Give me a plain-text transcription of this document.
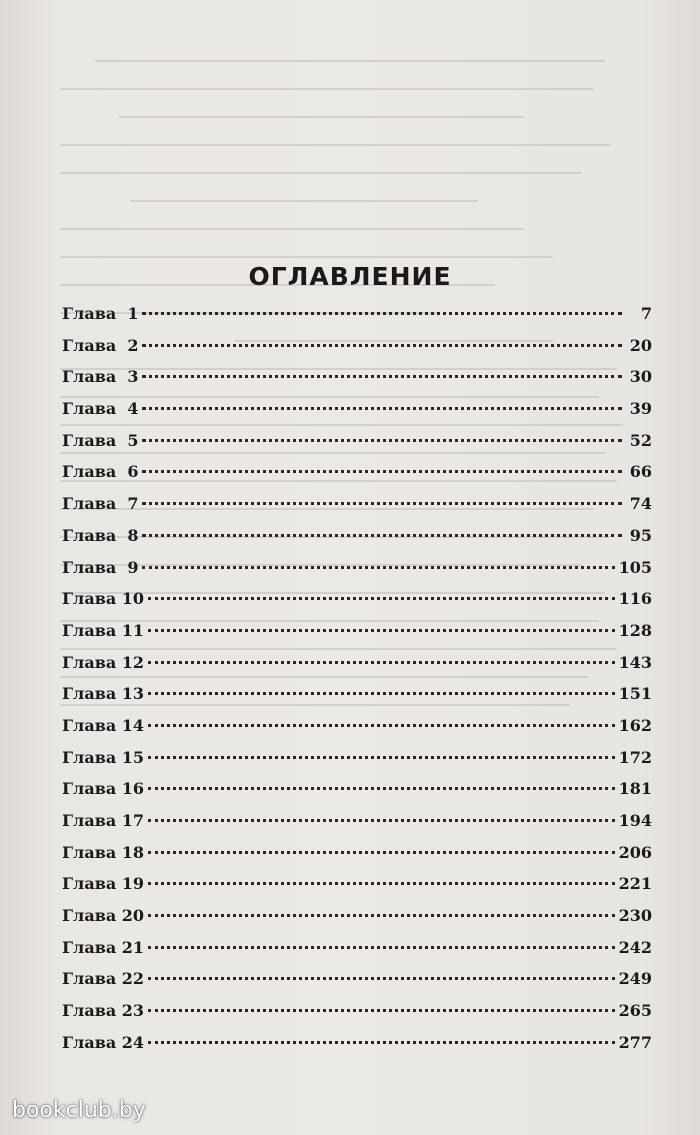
ОГЛАВЛЕНИЕ
Глава  1	7
Глава  2	20
Глава  3	30
Глава  4	39
Глава  5	52
Глава  6	66
Глава  7	74
Глава  8	95
Глава  9	105
Глава 10	116
Глава 11	128
Глава 12	143
Глава 13	151
Глава 14	162
Глава 15	172
Глава 16	181
Глава 17	194
Глава 18	206
Глава 19	221
Глава 20	230
Глава 21	242
Глава 22	249
Глава 23	265
Глава 24	277
bookclub.by
